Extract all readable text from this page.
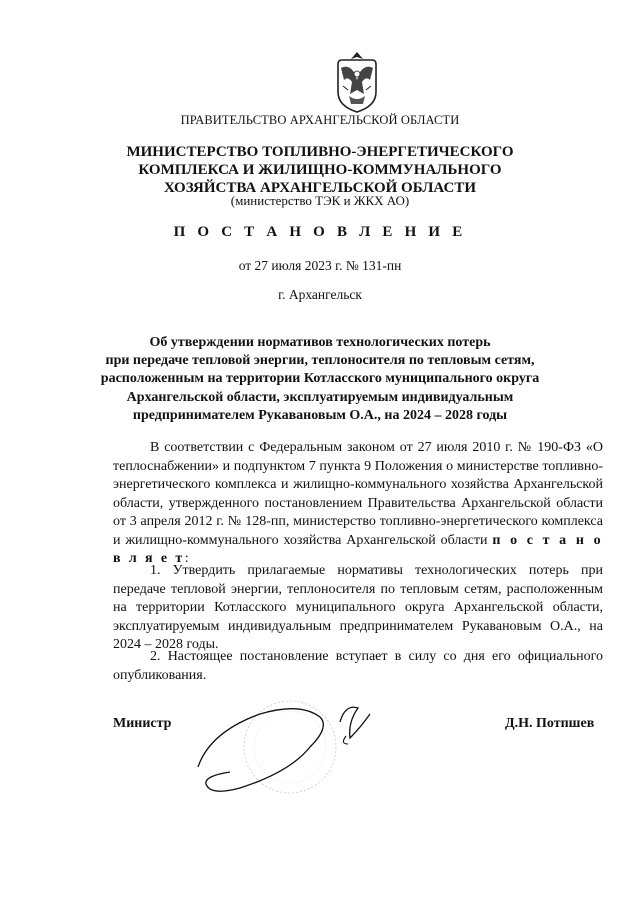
ПРАВИТЕЛЬСТВО АРХАНГЕЛЬСКОЙ ОБЛАСТИ
МИНИСТЕРСТВО ТОПЛИВНО-ЭНЕРГЕТИЧЕСКОГО
КОМПЛЕКСА И ЖИЛИЩНО-КОММУНАЛЬНОГО
ХОЗЯЙСТВА АРХАНГЕЛЬСКОЙ ОБЛАСТИ
(министерство ТЭК и ЖКХ АО)
П О С Т А Н О В Л Е Н И Е
от 27 июля 2023 г. № 131-пн
г. Архангельск
Об утверждении нормативов технологических потерь
при передаче тепловой энергии, теплоносителя по тепловым сетям,
расположенным на территории Котласского муниципального округа
Архангельской области, эксплуатируемым индивидуальным
предпринимателем Рукавановым О.А., на 2024 – 2028 годы
В соответствии с Федеральным законом от 27 июля 2010 г. № 190-ФЗ «О теплоснабжении» и подпунктом 7 пункта 9 Положения о министерстве топливно-энергетического комплекса и жилищно-коммунального хозяйства Архангельской области, утвержденного постановлением Правительства Архангельской области от 3 апреля 2012 г. № 128-пп, министерство топливно-энергетического комплекса и жилищно-коммунального хозяйства Архангельской области п о с т а н о в л я е т:
1. Утвердить прилагаемые нормативы технологических потерь при передаче тепловой энергии, теплоносителя по тепловым сетям, расположенным на территории Котласского муниципального округа Архангельской области, эксплуатируемым индивидуальным предпринимателем Рукавановым О.А., на 2024 – 2028 годы.
2. Настоящее постановление вступает в силу со дня его официального опубликования.
Министр	Д.Н. Потпшев
